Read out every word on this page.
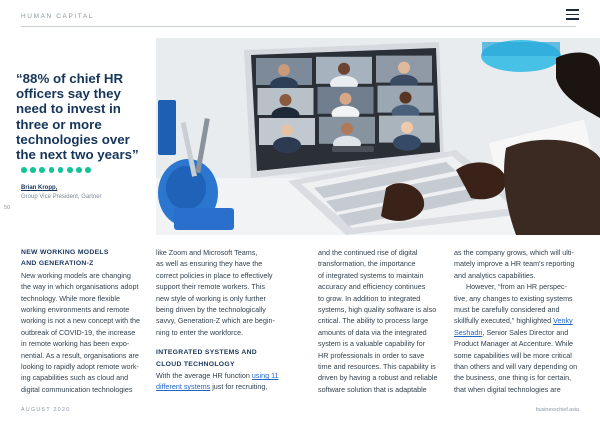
HUMAN CAPITAL
“88% of chief HR officers say they need to invest in three or more technologies over the next two years”
Brian Kropp,
Group Vice President, Gartner
50

NEW WORKING MODELS

AND GENERATION-Z

New working models are changing

the way in which organisations adopt

technology. While more flexible

working environments and remote

working is not a new concept with the

outbreak of COVID-19, the increase

in remote working has been expo-

nential. As a result, organisations are

looking to rapidly adopt remote work-

ing capabilities such as cloud and

digital communication technologies

like Zoom and Microsoft Teams,

as well as ensuring they have the

correct policies in place to effectively

support their remote workers. This

new style of working is only further

being driven by the technologically

savvy, Generation-Z which are begin-

ning to enter the workforce.

INTEGRATED SYSTEMS AND

CLOUD TECHNOLOGY

With the average HR function using 11

different systems just for recruiting,

and the continued rise of digital

transformation, the importance

of integrated systems to maintain

accuracy and efficiency continues

to grow. In addition to integrated

systems, high quality software is also

critical. The ability to process large

amounts of data via the integrated

system is a valuable capability for

HR professionals in order to save

time and resources. This capability is

driven by having a robust and reliable

software solution that is adaptable

as the company grows, which will ulti-

mately improve a HR team's reporting

and analytics capabilities.

However, “from an HR perspec-

tive, any changes to existing systems

must be carefully considered and

skillfully executed,” highlighted Venky

Seshadri, Senior Sales Director and

Product Manager at Accenture. While

some capabilities will be more critical

than others and will vary depending on

the business, one thing is for certain,

that when digital technologies are

AUGUST 2020	businesschief.asia
